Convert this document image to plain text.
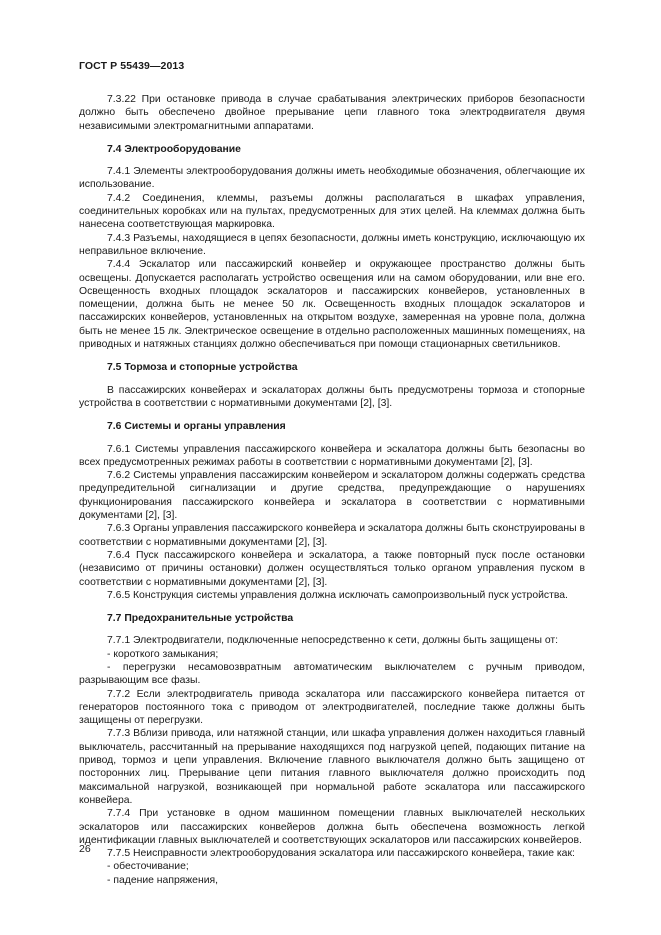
ГОСТ Р 55439—2013

7.3.22 При остановке привода в случае срабатывания электрических приборов безопасности должно быть обеспечено двойное прерывание цепи главного тока электродвигателя двумя независимыми электромагнитными аппаратами.

7.4 Электрооборудование

7.4.1 Элементы электрооборудования должны иметь необходимые обозначения, облегчающие их использование.

7.4.2 Соединения, клеммы, разъемы должны располагаться в шкафах управления, соединительных коробках или на пультах, предусмотренных для этих целей. На клеммах должна быть нанесена соответствующая маркировка.

7.4.3 Разъемы, находящиеся в цепях безопасности, должны иметь конструкцию, исключающую их неправильное включение.

7.4.4 Эскалатор или пассажирский конвейер и окружающее пространство должны быть освещены. Допускается располагать устройство освещения или на самом оборудовании, или вне его. Освещенность входных площадок эскалаторов и пассажирских конвейеров, установленных в помещении, должна быть не менее 50 лк. Освещенность входных площадок эскалаторов и пассажирских конвейеров, установленных на открытом воздухе, замеренная на уровне пола, должна быть не менее 15 лк. Электрическое освещение в отдельно расположенных машинных помещениях, на приводных и натяжных станциях должно обеспечиваться при помощи стационарных светильников.

7.5 Тормоза и стопорные устройства

В пассажирских конвейерах и эскалаторах должны быть предусмотрены тормоза и стопорные устройства в соответствии с нормативными документами [2], [3].

7.6 Системы и органы управления

7.6.1 Системы управления пассажирского конвейера и эскалатора должны быть безопасны во всех предусмотренных режимах работы в соответствии с нормативными документами [2], [3].

7.6.2 Системы управления пассажирским конвейером и эскалатором должны содержать средства предупредительной сигнализации и другие средства, предупреждающие о нарушениях функционирования пассажирского конвейера и эскалатора в соответствии с нормативными документами [2], [3].

7.6.3 Органы управления пассажирского конвейера и эскалатора должны быть сконструированы в соответствии с нормативными документами [2], [3].

7.6.4 Пуск пассажирского конвейера и эскалатора, а также повторный пуск после остановки (независимо от причины остановки) должен осуществляться только органом управления пуском в соответствии с нормативными документами [2], [3].

7.6.5 Конструкция системы управления должна исключать самопроизвольный пуск устройства.

7.7 Предохранительные устройства

7.7.1 Электродвигатели, подключенные непосредственно к сети, должны быть защищены от:

- короткого замыкания;

- перегрузки несамовозвратным автоматическим выключателем с ручным приводом, разрывающим все фазы.

7.7.2 Если электродвигатель привода эскалатора или пассажирского конвейера питается от генераторов постоянного тока с приводом от электродвигателей, последние также должны быть защищены от перегрузки.

7.7.3 Вблизи привода, или натяжной станции, или шкафа управления должен находиться главный выключатель, рассчитанный на прерывание находящихся под нагрузкой цепей, подающих питание на привод, тормоз и цепи управления. Включение главного выключателя должно быть защищено от посторонних лиц. Прерывание цепи питания главного выключателя должно происходить под максимальной нагрузкой, возникающей при нормальной работе эскалатора или пассажирского конвейера.

7.7.4 При установке в одном машинном помещении главных выключателей нескольких эскалаторов или пассажирских конвейеров должна быть обеспечена возможность легкой идентификации главных выключателей и соответствующих эскалаторов или пассажирских конвейеров.

7.7.5 Неисправности электрооборудования эскалатора или пассажирского конвейера, такие как:

- обесточивание;

- падение напряжения,

26
